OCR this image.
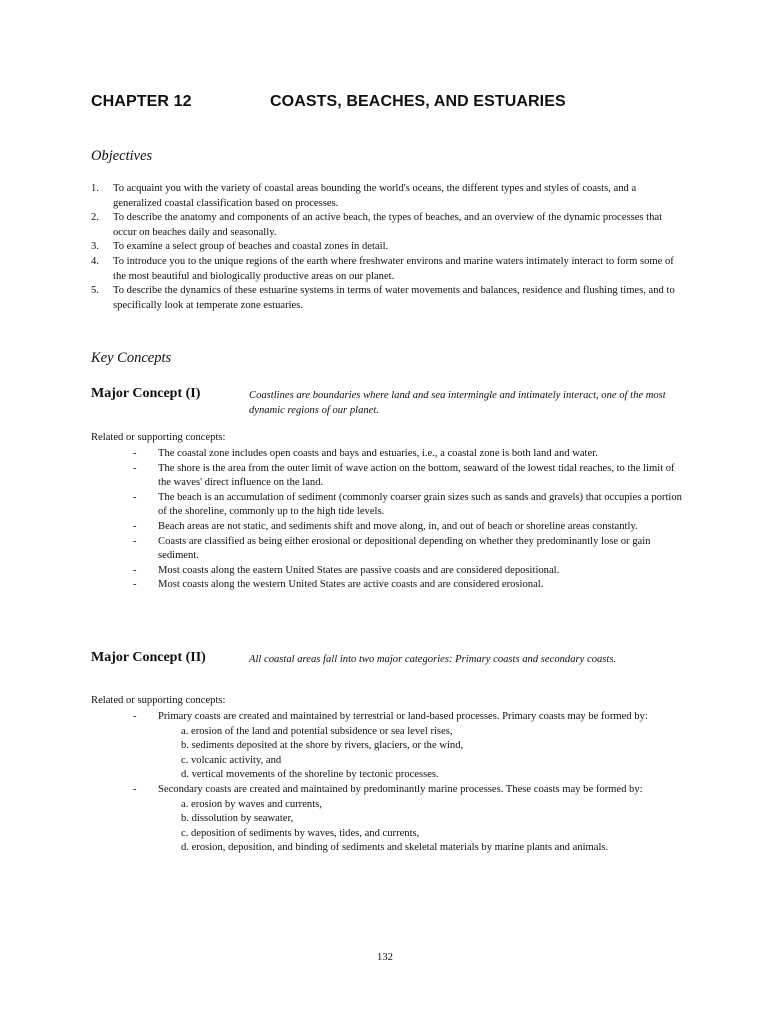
CHAPTER 12	COASTS, BEACHES, AND ESTUARIES
Objectives
1. To acquaint you with the variety of coastal areas bounding the world's oceans, the different types and styles of coasts, and a generalized coastal classification based on processes.
2. To describe the anatomy and components of an active beach, the types of beaches, and an overview of the dynamic processes that occur on beaches daily and seasonally.
3. To examine a select group of beaches and coastal zones in detail.
4. To introduce you to the unique regions of the earth where freshwater environs and marine waters intimately interact to form some of the most beautiful and biologically productive areas on our planet.
5. To describe the dynamics of these estuarine systems in terms of water movements and balances, residence and flushing times, and to specifically look at temperate zone estuaries.
Key Concepts
Major Concept (I)	Coastlines are boundaries where land and sea intermingle and intimately interact, one of the most dynamic regions of our planet.
Related or supporting concepts:
- The coastal zone includes open coasts and bays and estuaries, i.e., a coastal zone is both land and water.
- The shore is the area from the outer limit of wave action on the bottom, seaward of the lowest tidal reaches, to the limit of the waves' direct influence on the land.
- The beach is an accumulation of sediment (commonly coarser grain sizes such as sands and gravels) that occupies a portion of the shoreline, commonly up to the high tide levels.
- Beach areas are not static, and sediments shift and move along, in, and out of beach or shoreline areas constantly.
- Coasts are classified as being either erosional or depositional depending on whether they predominantly lose or gain sediment.
- Most coasts along the eastern United States are passive coasts and are considered depositional.
- Most coasts along the western United States are active coasts and are considered erosional.
Major Concept (II)	All coastal areas fall into two major categories: Primary coasts and secondary coasts.
Related or supporting concepts:
- Primary coasts are created and maintained by terrestrial or land-based processes. Primary coasts may be formed by:
a. erosion of the land and potential subsidence or sea level rises,
b. sediments deposited at the shore by rivers, glaciers, or the wind,
c. volcanic activity, and
d. vertical movements of the shoreline by tectonic processes.
- Secondary coasts are created and maintained by predominantly marine processes. These coasts may be formed by:
a. erosion by waves and currents,
b. dissolution by seawater,
c. deposition of sediments by waves, tides, and currents,
d. erosion, deposition, and binding of sediments and skeletal materials by marine plants and animals.
132
